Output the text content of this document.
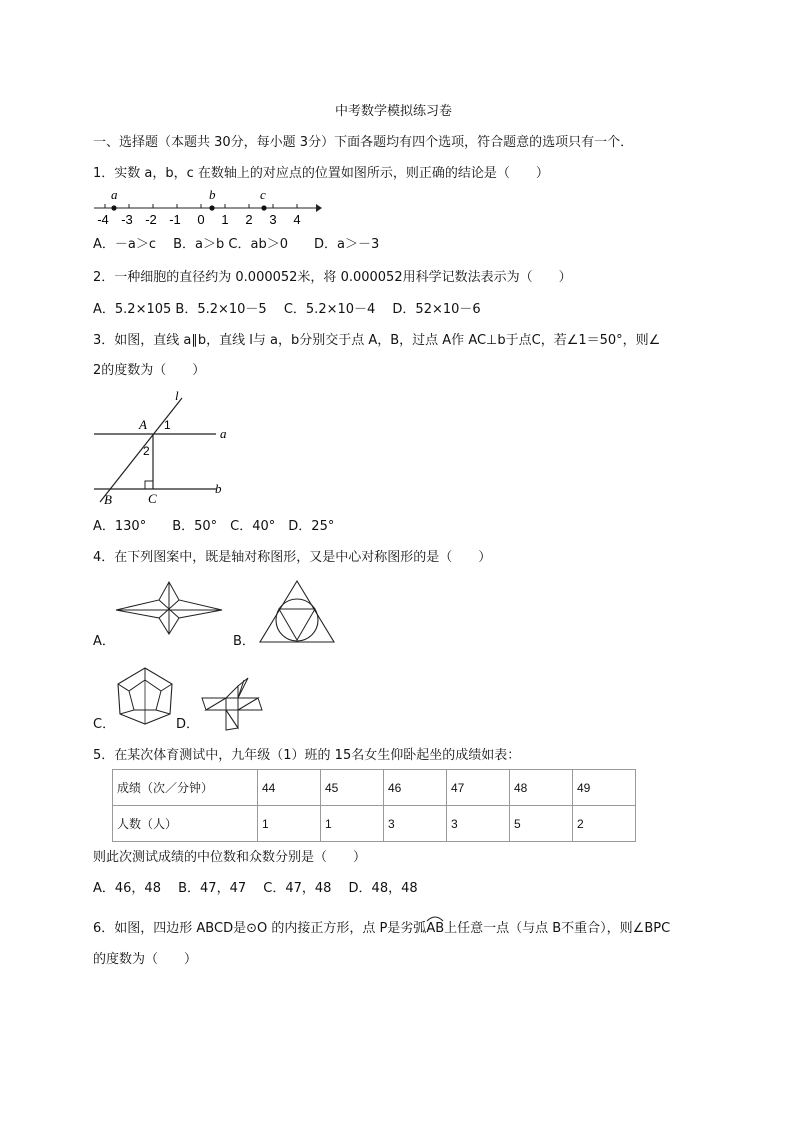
中考数学模拟练习卷
一、选择题（本题共 30分，每小题 3分）下面各题均有四个选项，符合题意的选项只有一个．
1．实数 a，b，c 在数轴上的对应点的位置如图所示，则正确的结论是（　　）
a	b	c
-4 -3 -2 -1 0 1 2 3 4
A．－a＞c　 B．a＞b C．ab＞0　　D．a＞－3
2．一种细胞的直径约为 0.000052米，将 0.000052用科学记数法表示为（　　）
A．5.2×105 B．5.2×10－5　 C．5.2×10－4　 D．52×10－6
3．如图，直线 a∥b，直线 l与 a，b分别交于点 A，B，过点 A作 AC⊥b于点C，若∠1＝50°，则∠
2的度数为（　　）
l
a
b
A
B	C
1
2
A．130°　　B．50°　C．40°　D．25°
4．在下列图案中，既是轴对称图形，又是中心对称图形的是（　　）
A．	B．
C．	D．
5．在某次体育测试中，九年级（1）班的 15名女生仰卧起坐的成绩如表：
成绩（次／分钟）	44	45	46	47	48	49
人数（人）	1	1	3	3	5	2
则此次测试成绩的中位数和众数分别是（　　）
A．46，48　 B．47，47　 C．47，48　 D．48，48
6．如图，四边形 ABCD是⊙O 的内接正方形，点 P是劣弧
AB上任意一点（与点 B不重合），则∠BPC
的度数为（　　）
